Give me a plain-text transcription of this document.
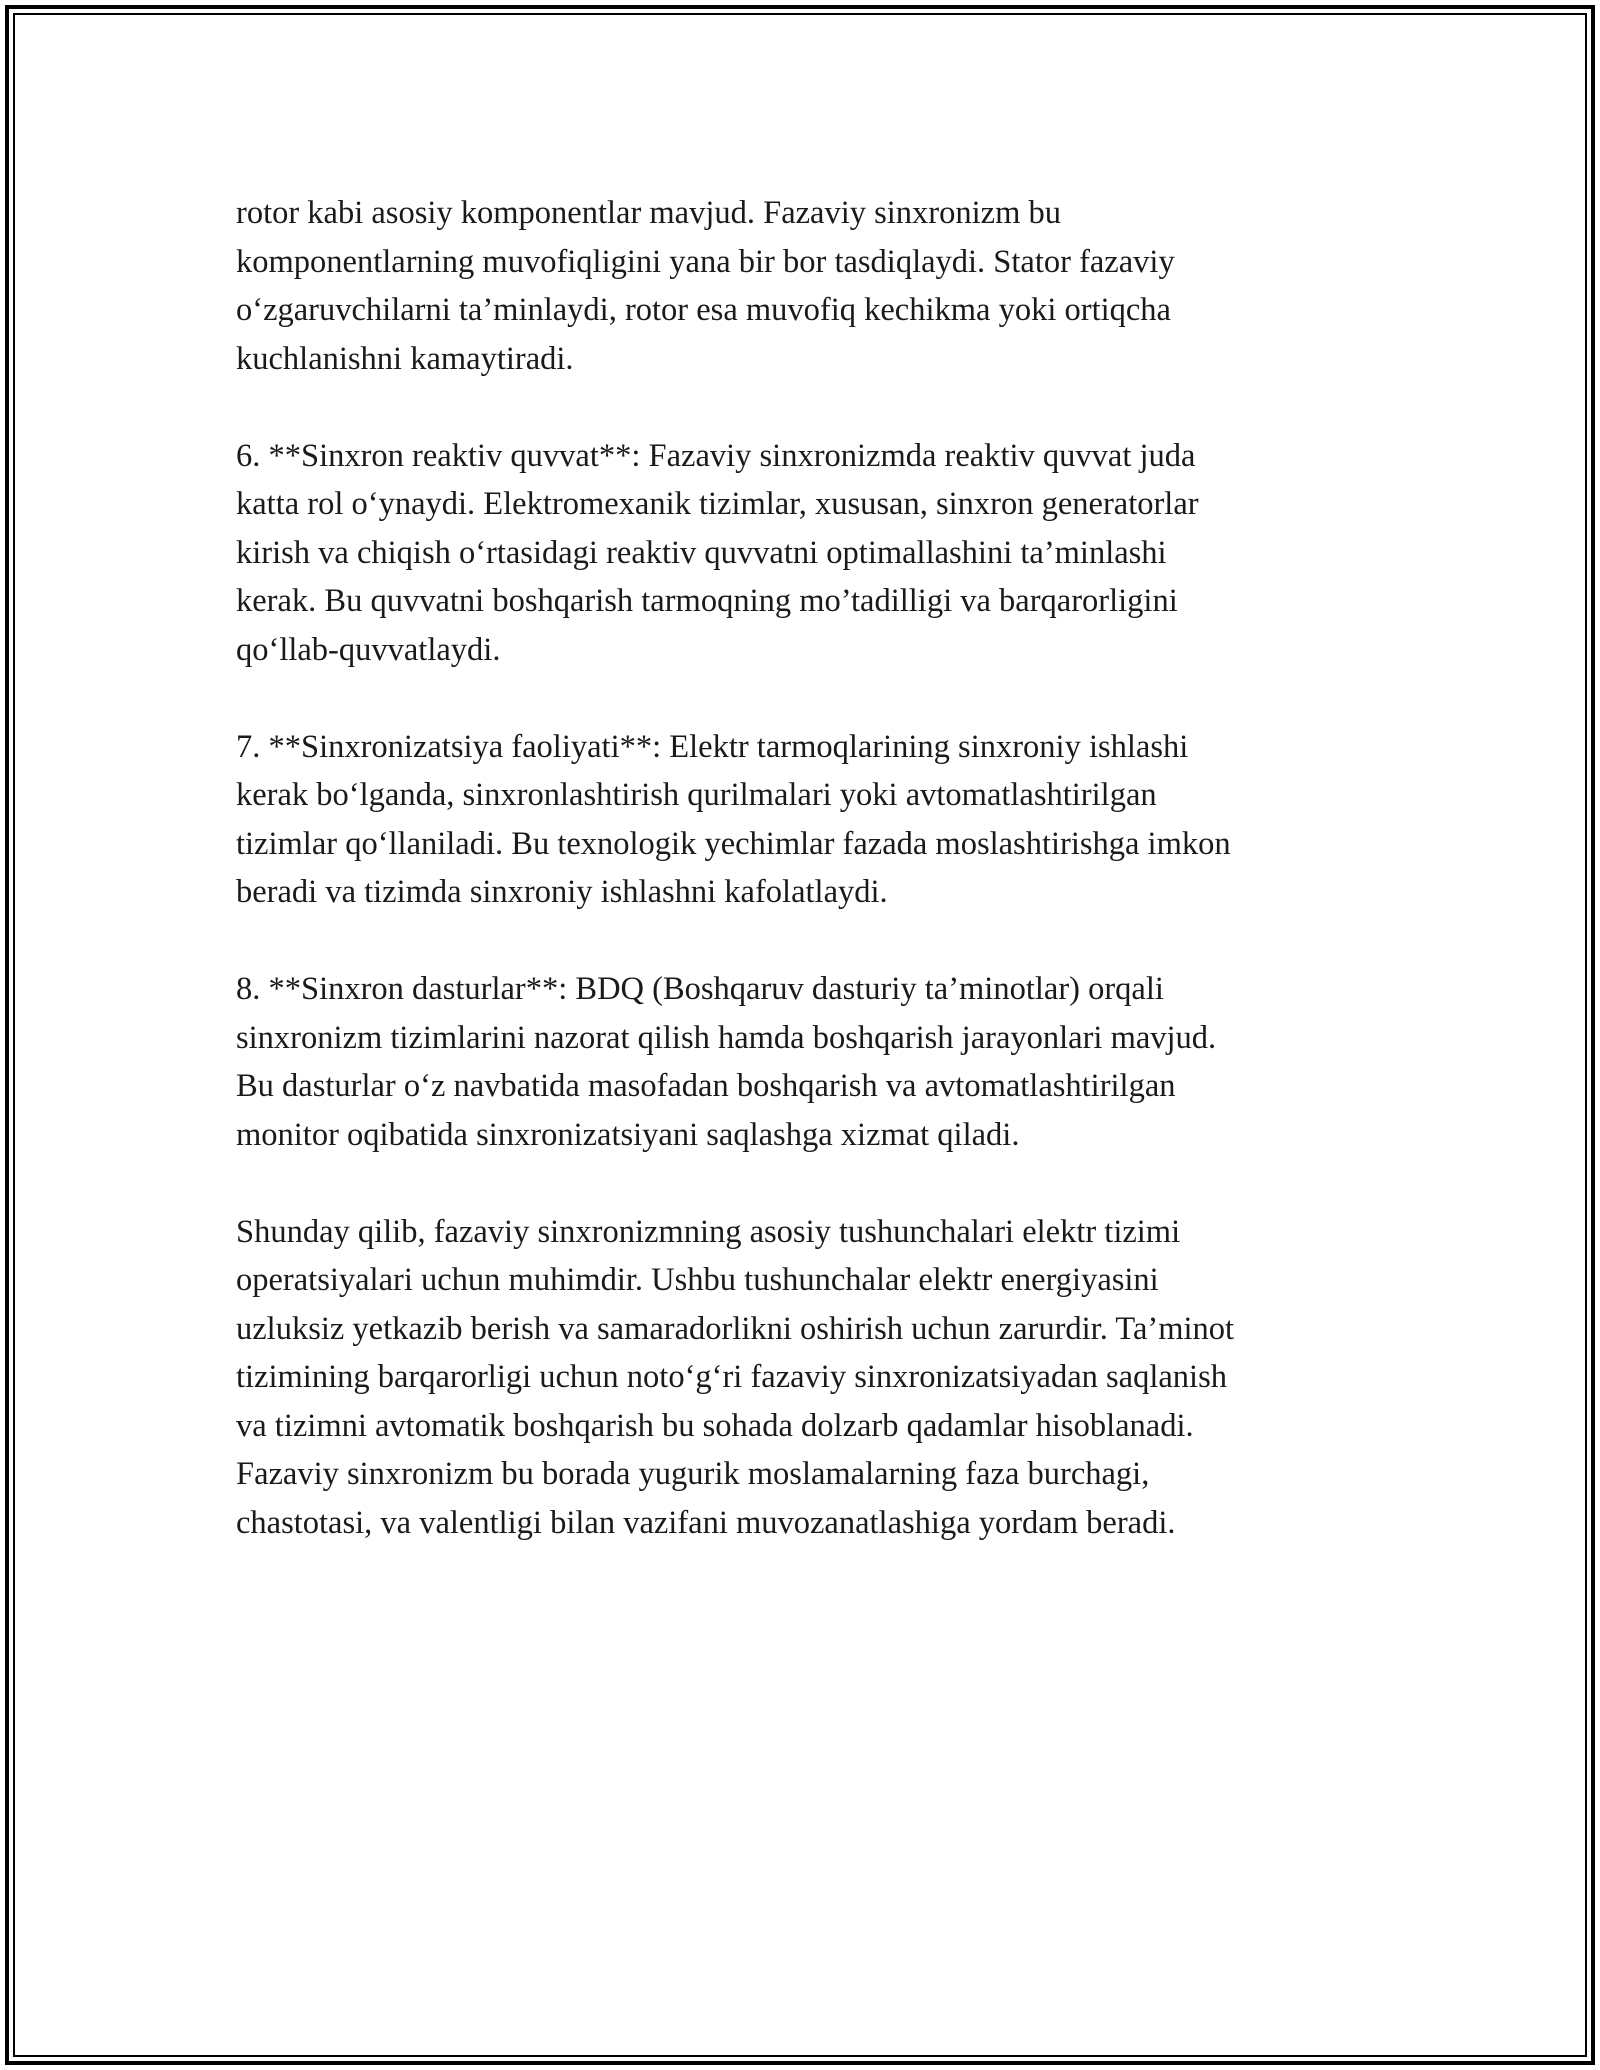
rotor kabi asosiy komponentlar mavjud. Fazaviy sinxronizm bu
komponentlarning muvofiqligini yana bir bor tasdiqlaydi. Stator fazaviy
o‘zgaruvchilarni ta’minlaydi, rotor esa muvofiq kechikma yoki ortiqcha
kuchlanishni kamaytiradi.

6. **Sinxron reaktiv quvvat**: Fazaviy sinxronizmda reaktiv quvvat juda
katta rol o‘ynaydi. Elektromexanik tizimlar, xususan, sinxron generatorlar
kirish va chiqish o‘rtasidagi reaktiv quvvatni optimallashini ta’minlashi
kerak. Bu quvvatni boshqarish tarmoqning mo’tadilligi va barqarorligini
qo‘llab-quvvatlaydi.

7. **Sinxronizatsiya faoliyati**: Elektr tarmoqlarining sinxroniy ishlashi
kerak bo‘lganda, sinxronlashtirish qurilmalari yoki avtomatlashtirilgan
tizimlar qo‘llaniladi. Bu texnologik yechimlar fazada moslashtirishga imkon
beradi va tizimda sinxroniy ishlashni kafolatlaydi.

8. **Sinxron dasturlar**: BDQ (Boshqaruv dasturiy ta’minotlar) orqali
sinxronizm tizimlarini nazorat qilish hamda boshqarish jarayonlari mavjud.
Bu dasturlar o‘z navbatida masofadan boshqarish va avtomatlashtirilgan
monitor oqibatida sinxronizatsiyani saqlashga xizmat qiladi.

Shunday qilib, fazaviy sinxronizmning asosiy tushunchalari elektr tizimi
operatsiyalari uchun muhimdir. Ushbu tushunchalar elektr energiyasini
uzluksiz yetkazib berish va samaradorlikni oshirish uchun zarurdir. Ta’minot
tizimining barqarorligi uchun noto‘g‘ri fazaviy sinxronizatsiyadan saqlanish
va tizimni avtomatik boshqarish bu sohada dolzarb qadamlar hisoblanadi.
Fazaviy sinxronizm bu borada yugurik moslamalarning faza burchagi,
chastotasi, va valentligi bilan vazifani muvozanatlashiga yordam beradi.
